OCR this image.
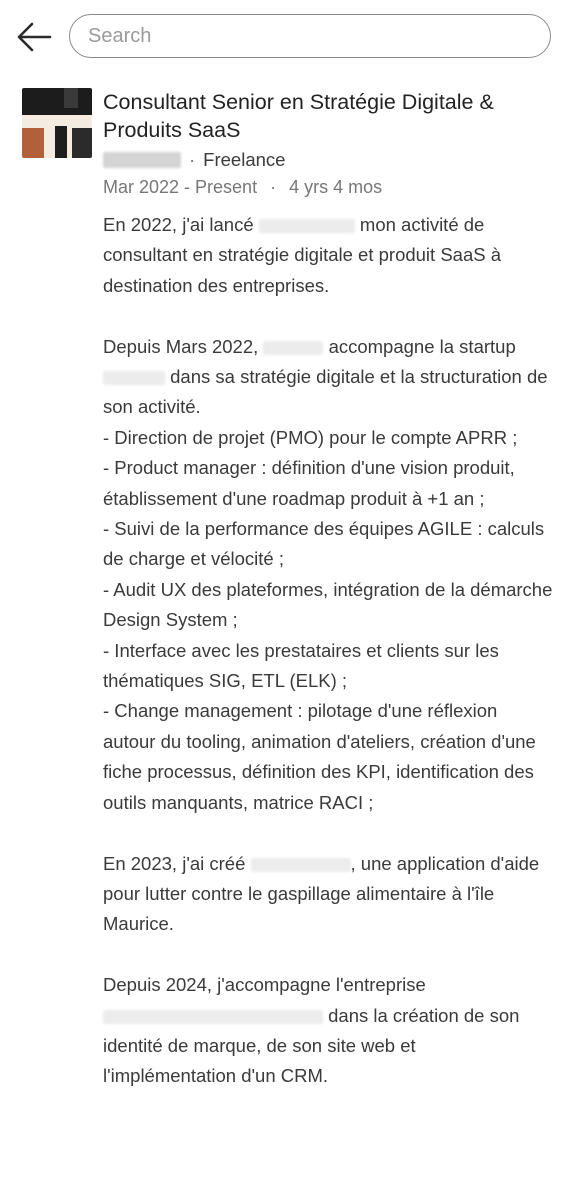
Search
Consultant Senior en Stratégie Digitale & Produits SaaS
· Freelance
Mar 2022 - Present · 4 yrs 4 mos

En 2022, j'ai lancé	mon activité de consultant en stratégie digitale et produit SaaS à destination des entreprises.

Depuis Mars 2022,	accompagne la startup  dans sa stratégie digitale et la structuration de son activité.

- Direction de projet (PMO) pour le compte APRR ;

- Product manager : définition d'une vision produit, établissement d'une roadmap produit à +1 an ;

- Suivi de la performance des équipes AGILE : calculs de charge et vélocité ;

- Audit UX des plateformes, intégration de la démarche Design System ;

- Interface avec les prestataires et clients sur les thématiques SIG, ETL (ELK) ;

- Change management : pilotage d'une réflexion autour du tooling, animation d'ateliers, création d'une fiche processus, définition des KPI, identification des outils manquants, matrice RACI ;

En 2023, j'ai créé	, une application d'aide pour lutter contre le gaspillage alimentaire à l'île Maurice.

Depuis 2024, j'accompagne l'entreprise  dans la création de son identité de marque, de son site web et l'implémentation d'un CRM.
